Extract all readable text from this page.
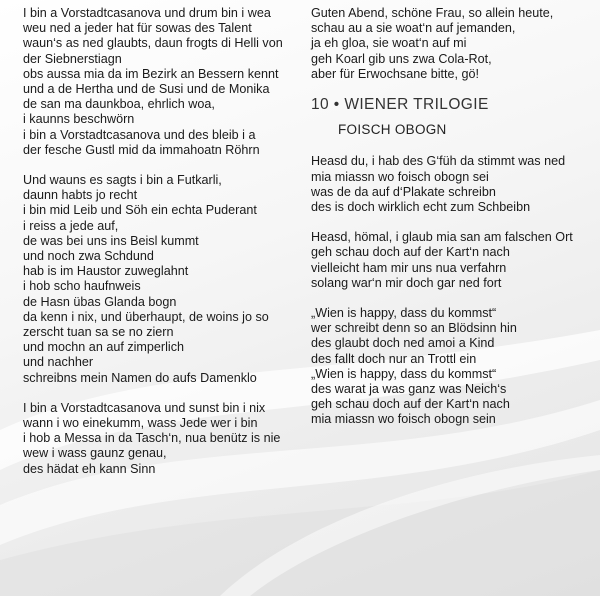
I bin a Vorstadtcasanova und drum bin i wea
weu ned a jeder hat für sowas des Talent
waun‘s as ned glaubts, daun frogts di Helli von
der Siebnerstiagn
obs aussa mia da im Bezirk an Bessern kennt
und a de Hertha und de Susi und de Monika
de san ma daunkboa, ehrlich woa,
i kaunns beschwörn
i bin a Vorstadtcasanova und des bleib i a
der fesche Gustl mid da immahoatn Röhrn
Und wauns es sagts i bin a Futkarli,
daunn habts jo recht
i bin mid Leib und Söh ein echta Puderant
i reiss a jede auf,
de was bei uns ins Beisl kummt
und noch zwa Schdund
hab is im Haustor zuweglahnt
i hob scho haufnweis
de Hasn übas Glanda bogn
da kenn i nix, und überhaupt, de woins jo so
zerscht tuan sa se no ziern
und mochn an auf zimperlich
und nachher
schreibns mein Namen do aufs Damenklo
I bin a Vorstadtcasanova und sunst bin i nix
wann i wo einekumm, wass Jede wer i bin
i hob a Messa in da Tasch‘n, nua benütz is nie
wew i wass gaunz genau,
des hädat eh kann Sinn
Guten Abend, schöne Frau, so allein heute,
schau au a sie woat‘n auf jemanden,
ja eh gloa, sie woat‘n auf mi
geh Koarl gib uns zwa Cola-Rot,
aber für Erwochsane bitte, gö!
10 • WIENER TRILOGIE
FOISCH OBOGN
Heasd du, i hab des G‘füh da stimmt was ned
mia miassn wo foisch obogn sei
was de da auf d‘Plakate schreibn
des is doch wirklich echt zum Schbeibn
Heasd, hömal, i glaub mia san am falschen Ort
geh schau doch auf der Kart‘n nach
vielleicht ham mir uns nua verfahrn
solang war‘n mir doch gar ned fort
„Wien is happy, dass du kommst“
wer schreibt denn so an Blödsinn hin
des glaubt doch ned amoi a Kind
des fallt doch nur an Trottl ein
„Wien is happy, dass du kommst“
des warat ja was ganz was Neich‘s
geh schau doch auf der Kart‘n nach
mia miassn wo foisch obogn sein
